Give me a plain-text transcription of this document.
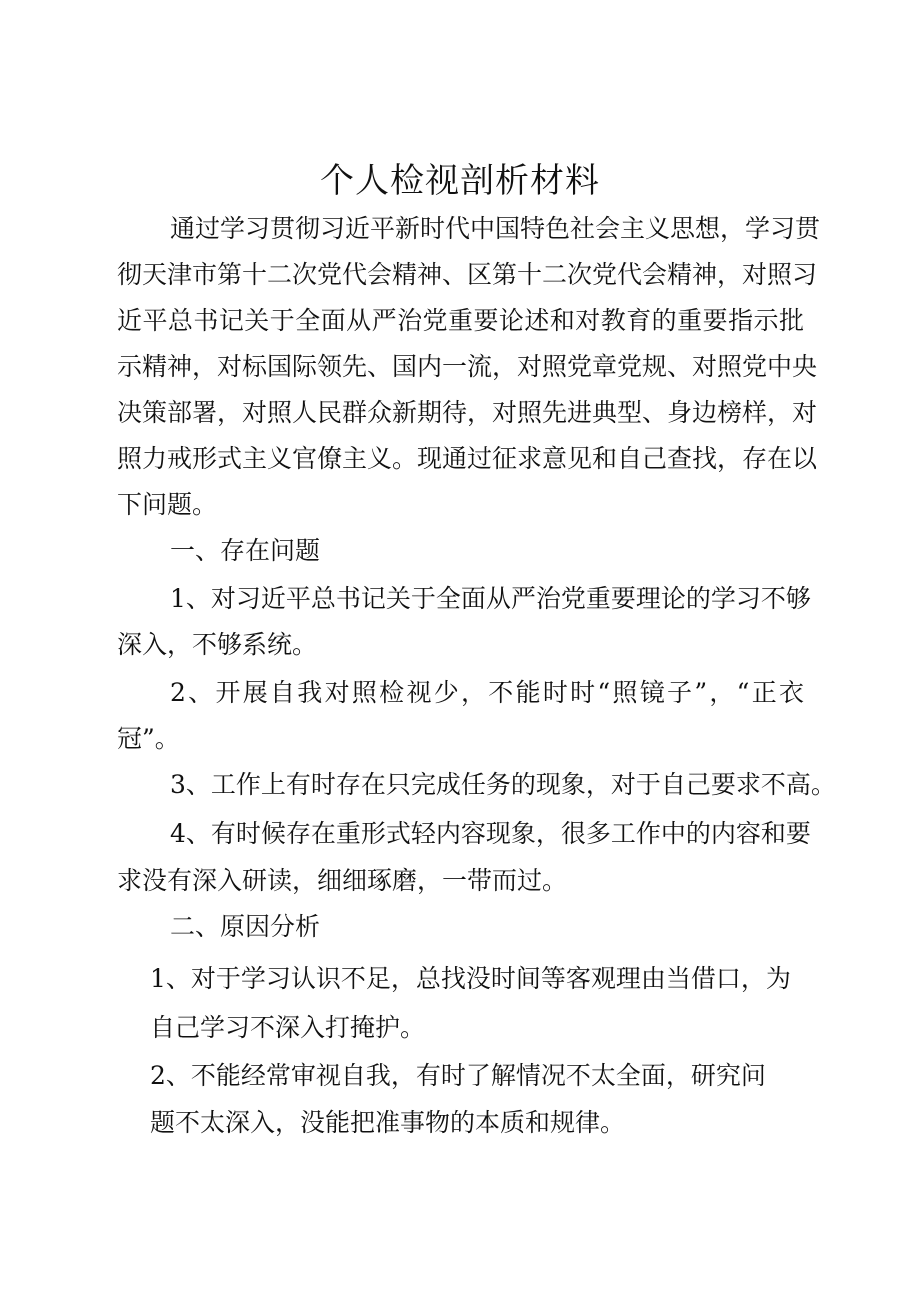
个人检视剖析材料
通过学习贯彻习近平新时代中国特色社会主义思想，学习贯
彻天津市第十二次党代会精神、区第十二次党代会精神，对照习
近平总书记关于全面从严治党重要论述和对教育的重要指示批
示精神，对标国际领先、国内一流，对照党章党规、对照党中央
决策部署，对照人民群众新期待，对照先进典型、身边榜样，对
照力戒形式主义官僚主义。现通过征求意见和自己查找，存在以
下问题。
一、存在问题
1、对习近平总书记关于全面从严治党重要理论的学习不够
深入，不够系统。
2、开展自我对照检视少，不能时时“照镜子”，“正衣
冠”。
3、工作上有时存在只完成任务的现象，对于自己要求不高。
4、有时候存在重形式轻内容现象，很多工作中的内容和要
求没有深入研读，细细琢磨，一带而过。
二、原因分析
1、对于学习认识不足，总找没时间等客观理由当借口，为
自己学习不深入打掩护。
2、不能经常审视自我，有时了解情况不太全面，研究问
题不太深入，没能把准事物的本质和规律。
